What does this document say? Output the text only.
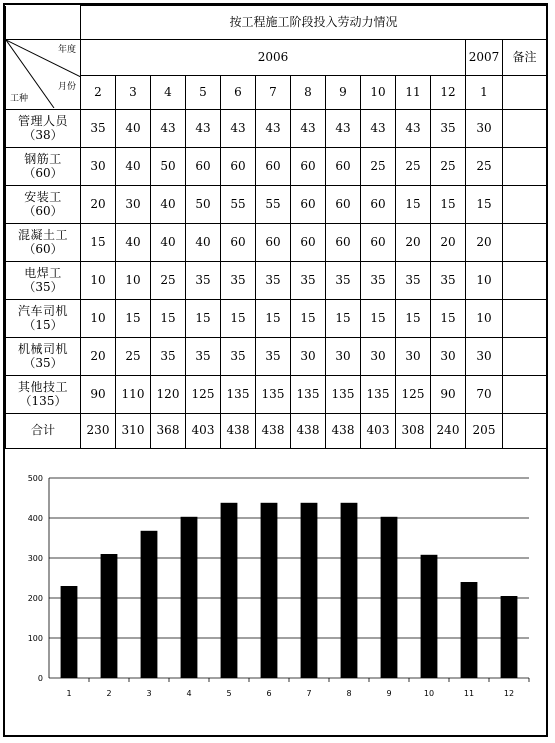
	按工程施工阶段投入劳动力情况												

年度
月份
工种	2006											2007	备注
	2	3	4	5	6	7	8	9	10	11	12	1	

管理人员
（38）	35	40	43	43	43	43	43	43	43	43	35	30	

钢筋工
（60）	30	40	50	60	60	60	60	60	25	25	25	25	

安装工
（60）	20	30	40	50	55	55	60	60	60	15	15	15	

混凝土工
（60）	15	40	40	40	60	60	60	60	60	20	20	20	

电焊工
（35）	10	10	25	35	35	35	35	35	35	35	35	10	

汽车司机
（15）	10	15	15	15	15	15	15	15	15	15	15	10	

机械司机
（35）	20	25	35	35	35	35	30	30	30	30	30	30	

其他技工
（135）	90	110	120	125	135	135	135	135	135	125	90	70	
合计	230	310	368	403	438	438	438	438	403	308	240	205	
0
100
200
300
400
500
1	2	3	4	5	6	7	8	9	10	11	12
